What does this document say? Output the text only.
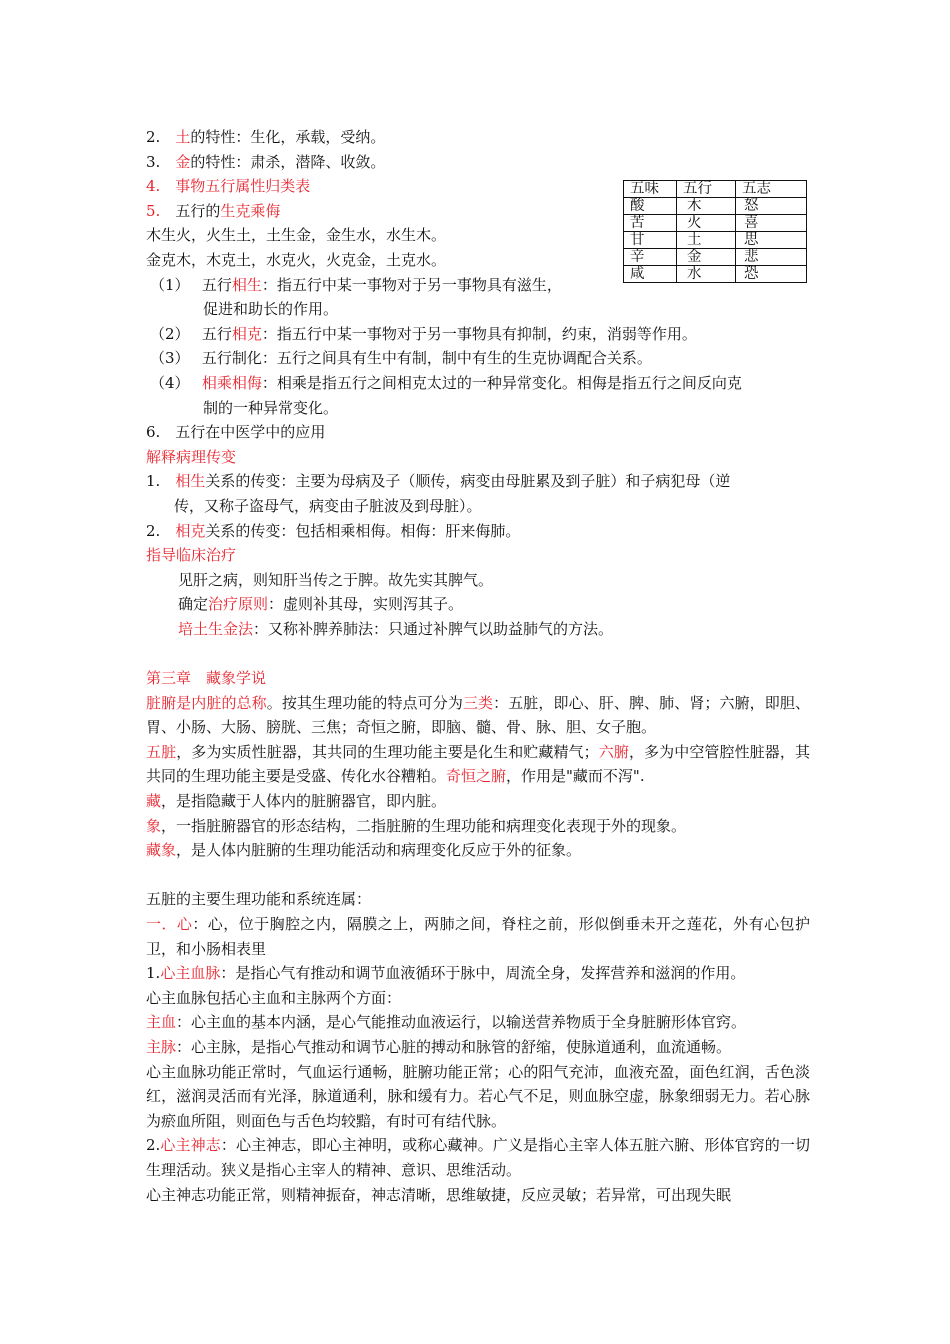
2.　 土的特性：生化，承载，受纳。
3.　 金的特性：肃杀，潜降、收敛。
4.　事物五行属性归类表
5.　 五行的生克乘侮
木生火，火生土，土生金，金生水，水生木。
金克木，木克土，水克火，火克金，土克水。
（1）　 五行相生：指五行中某一事物对于另一事物具有滋生，
促进和助长的作用。
（2）　 五行相克：指五行中某一事物对于另一事物具有抑制，约束，消弱等作用。
（3）　 五行制化：五行之间具有生中有制，制中有生的生克协调配合关系。
（4）　 相乘相侮：相乘是指五行之间相克太过的一种异常变化。相侮是指五行之间反向克
制的一种异常变化。
6.　五行在中医学中的应用
解释病理传变
1.　 相生关系的传变：主要为母病及子（顺传，病变由母脏累及到子脏）和子病犯母（逆
传，又称子盗母气，病变由子脏波及到母脏）。
2.　 相克关系的传变：包括相乘相侮。相侮：肝来侮肺。
指导临床治疗
见肝之病，则知肝当传之于脾。故先实其脾气。
确定治疗原则：虚则补其母，实则泻其子。
培土生金法：又称补脾养肺法：只通过补脾气以助益肺气的方法。
第三章　藏象学说
脏腑是内脏的总称。按其生理功能的特点可分为三类：五脏，即心、肝、脾、肺、肾；六腑，即胆、胃、小肠、大肠、膀胱、三焦；奇恒之腑，即脑、髓、骨、脉、胆、女子胞。
五脏，多为实质性脏器，其共同的生理功能主要是化生和贮藏精气；六腑，多为中空管腔性脏器，其共同的生理功能主要是受盛、传化水谷糟粕。奇恒之腑，作用是"藏而不泻".
藏，是指隐藏于人体内的脏腑器官，即内脏。
象，一指脏腑器官的形态结构，二指脏腑的生理功能和病理变化表现于外的现象。
藏象，是人体内脏腑的生理功能活动和病理变化反应于外的征象。
五脏的主要生理功能和系统连属：
一．心：心，位于胸腔之内，隔膜之上，两肺之间，脊柱之前，形似倒垂未开之莲花，外有心包护卫，和小肠相表里
1.心主血脉：是指心气有推动和调节血液循环于脉中，周流全身，发挥营养和滋润的作用。
心主血脉包括心主血和主脉两个方面：
主血：心主血的基本内涵，是心气能推动血液运行，以输送营养物质于全身脏腑形体官窍。
主脉：心主脉，是指心气推动和调节心脏的搏动和脉管的舒缩，使脉道通利，血流通畅。
心主血脉功能正常时，气血运行通畅，脏腑功能正常；心的阳气充沛，血液充盈，面色红润，舌色淡红，滋润灵活而有光泽，脉道通利，脉和缓有力。若心气不足，则血脉空虚，脉象细弱无力。若心脉为瘀血所阻，则面色与舌色均较黯，有时可有结代脉。
2.心主神志：心主神志，即心主神明，或称心藏神。广义是指心主宰人体五脏六腑、形体官窍的一切生理活动。狭义是指心主宰人的精神、意识、思维活动。
心主神志功能正常，则精神振奋，神志清晰，思维敏捷，反应灵敏；若异常，可出现失眠
五味	五行	五志
酸	木	怒
苦	火	喜
甘	土	思
辛	金	悲
咸	水	恐
